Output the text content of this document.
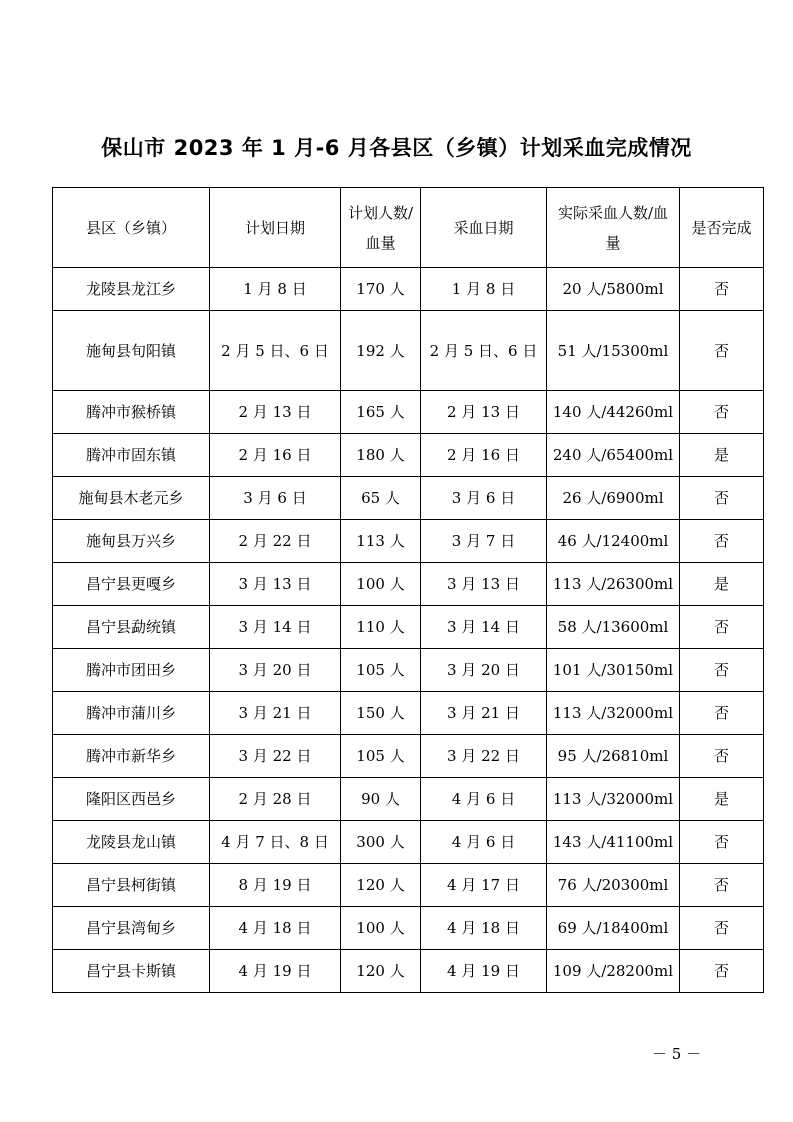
保山市 2023 年 1 月-6 月各县区（乡镇）计划采血完成情况
县区（乡镇）	计划日期	计划人数/血量	采血日期	实际采血人数/血量	是否完成
龙陵县龙江乡	1 月 8 日	170 人	1 月 8 日	20 人/5800ml	否
施甸县旬阳镇	2 月 5 日、6 日	192 人	2 月 5 日、6 日	51 人/15300ml	否
腾冲市猴桥镇	2 月 13 日	165 人	2 月 13 日	140 人/44260ml	否
腾冲市固东镇	2 月 16 日	180 人	2 月 16 日	240 人/65400ml	是
施甸县木老元乡	3 月 6 日	65 人	3 月 6 日	26 人/6900ml	否
施甸县万兴乡	2 月 22 日	113 人	3 月 7 日	46 人/12400ml	否
昌宁县更嘎乡	3 月 13 日	100 人	3 月 13 日	113 人/26300ml	是
昌宁县勐统镇	3 月 14 日	110 人	3 月 14 日	58 人/13600ml	否
腾冲市团田乡	3 月 20 日	105 人	3 月 20 日	101 人/30150ml	否
腾冲市蒲川乡	3 月 21 日	150 人	3 月 21 日	113 人/32000ml	否
腾冲市新华乡	3 月 22 日	105 人	3 月 22 日	95 人/26810ml	否
隆阳区西邑乡	2 月 28 日	90 人	4 月 6 日	113 人/32000ml	是
龙陵县龙山镇	4 月 7 日、8 日	300 人	4 月 6 日	143 人/41100ml	否
昌宁县柯街镇	8 月 19 日	120 人	4 月 17 日	76 人/20300ml	否
昌宁县湾甸乡	4 月 18 日	100 人	4 月 18 日	69 人/18400ml	否
昌宁县卡斯镇	4 月 19 日	120 人	4 月 19 日	109 人/28200ml	否
－ 5 －
